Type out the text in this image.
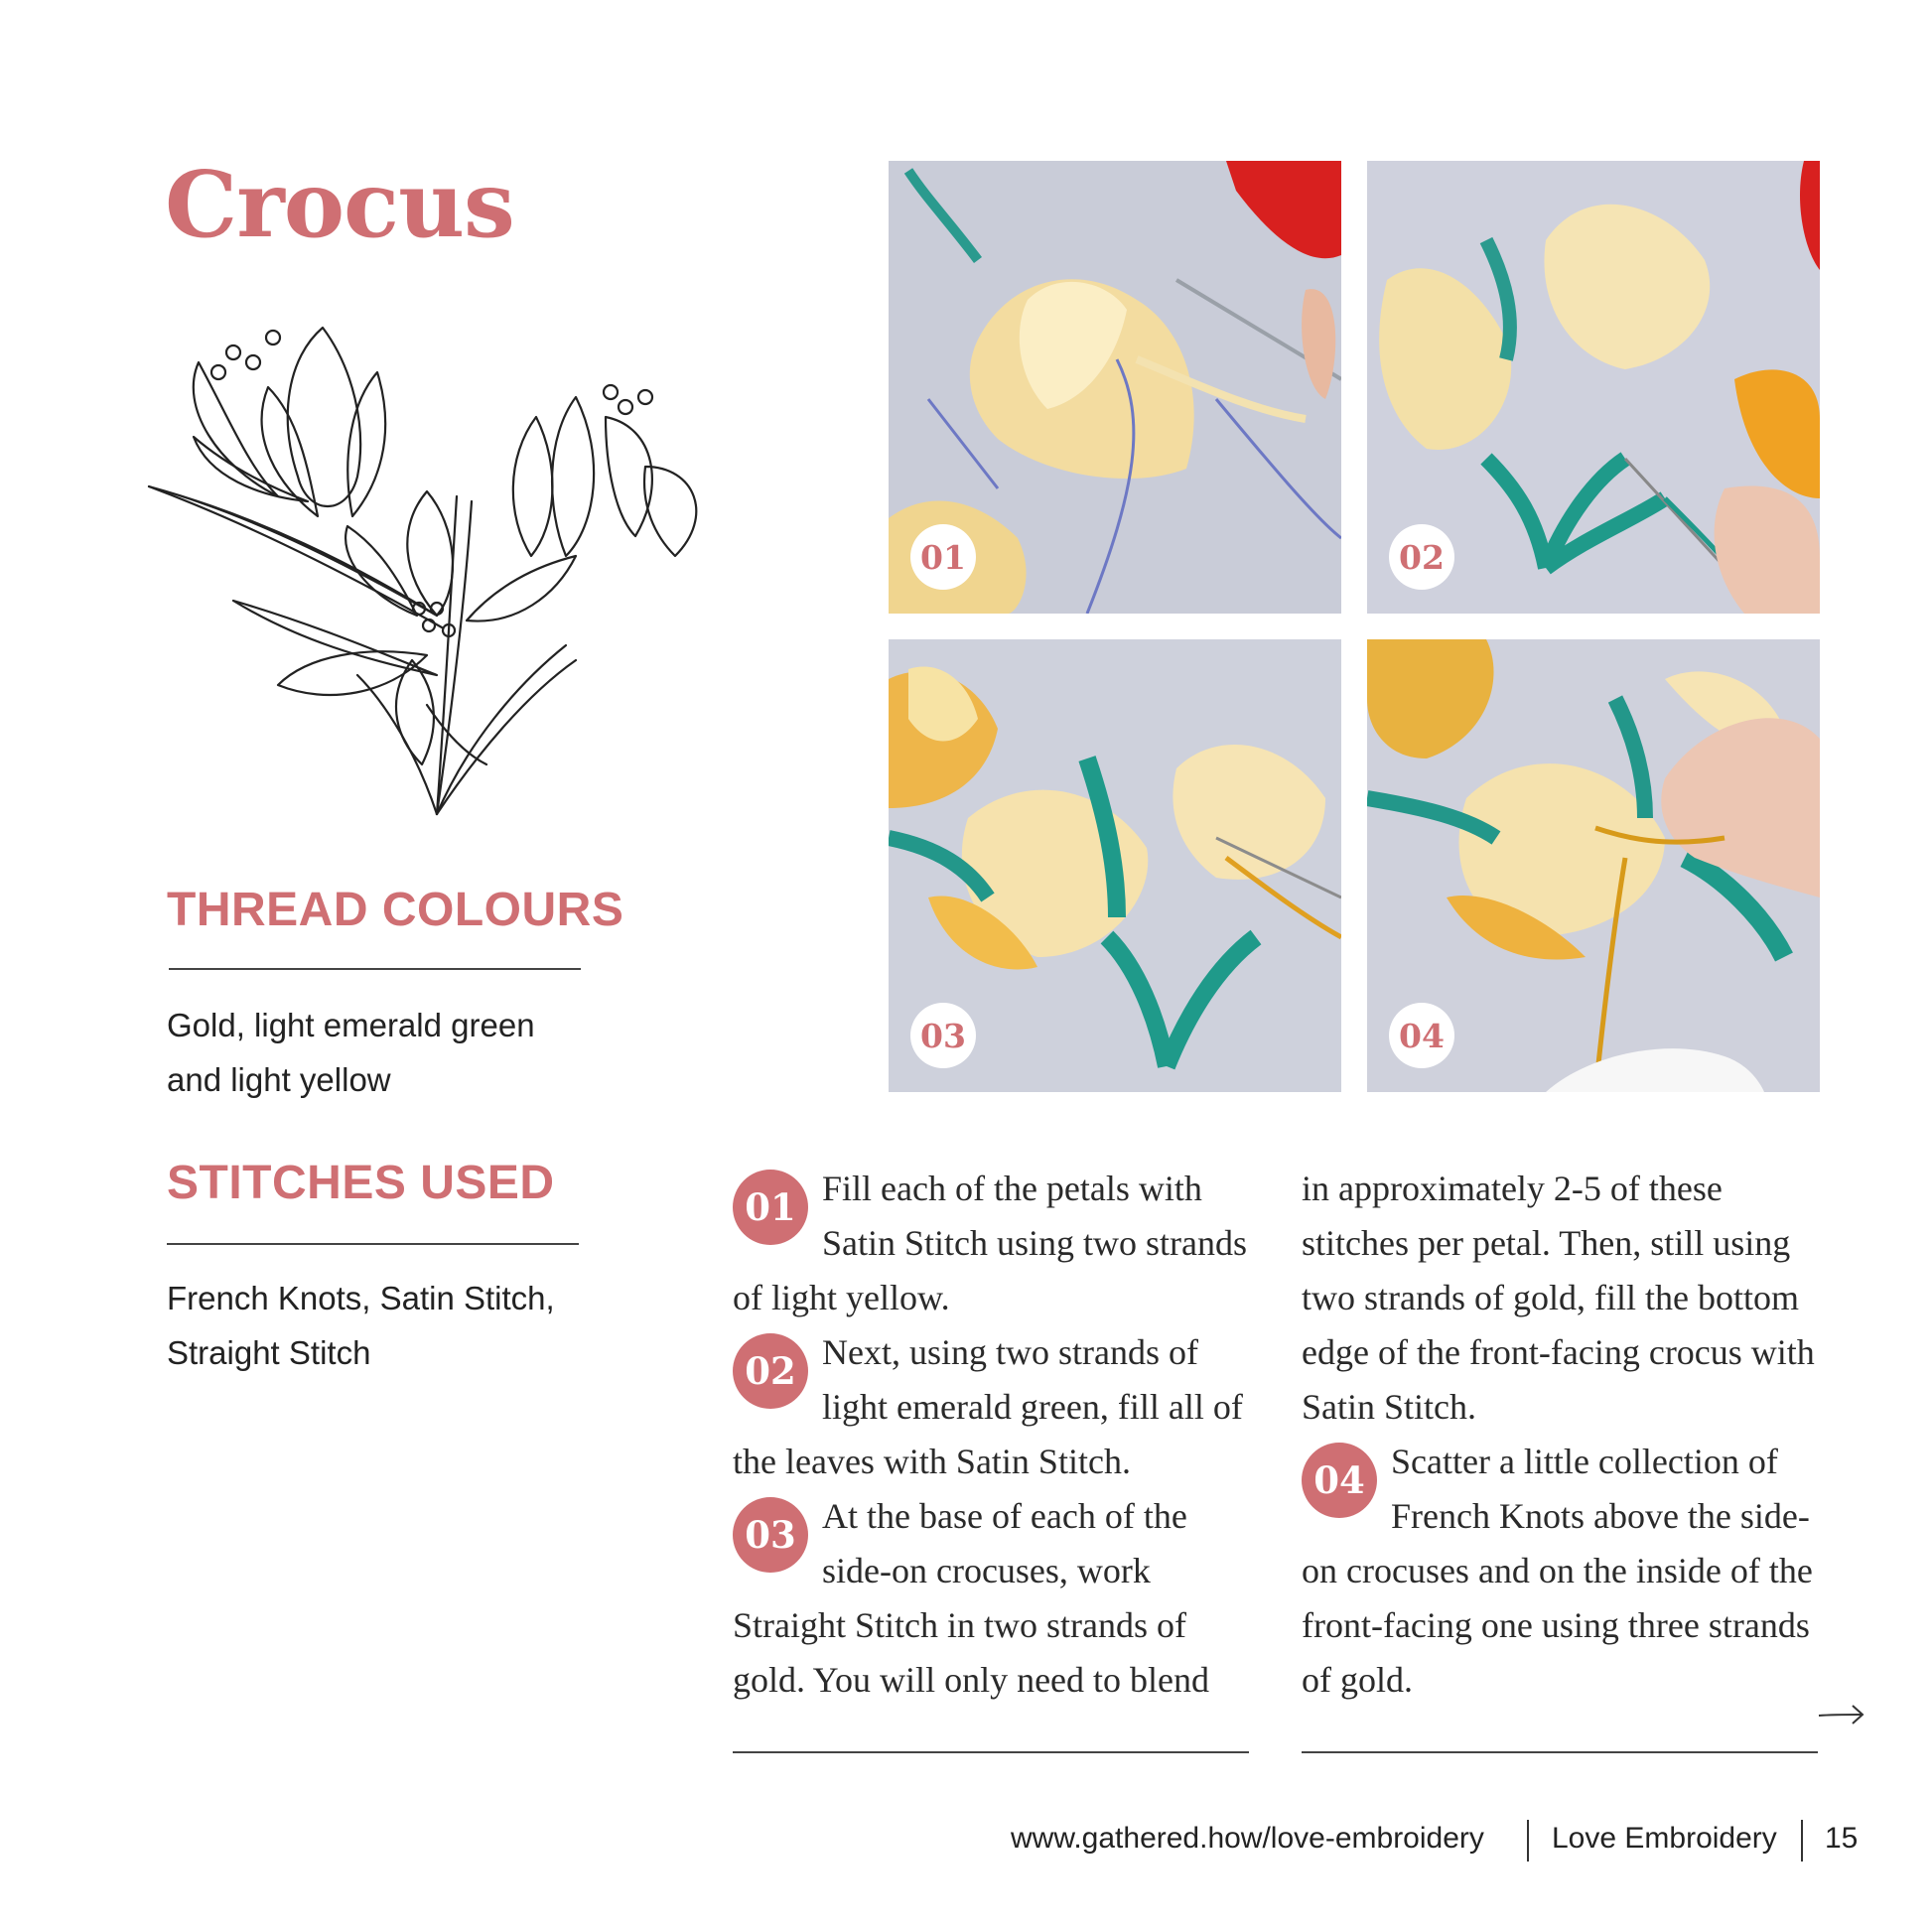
Crocus
THREAD COLOURS
Gold, light emerald green
and light yellow
STITCHES USED
French Knots, Satin Stitch,
Straight Stitch
01	02
03	04
01 Fill each of the petals with Satin Stitch using two strands of light yellow.
02 Next, using two strands of light emerald green, fill all of the leaves with Satin Stitch.
03 At the base of each of the side-on crocuses, work Straight Stitch in two strands of gold. You will only need to blend
in approximately 2-5 of these stitches per petal. Then, still using two strands of gold, fill the bottom edge of the front-facing crocus with Satin Stitch.
04 Scatter a little collection of French Knots above the side-on crocuses and on the inside of the front-facing one using three strands of gold.
www.gathered.how/love-embroidery Love Embroidery 15
